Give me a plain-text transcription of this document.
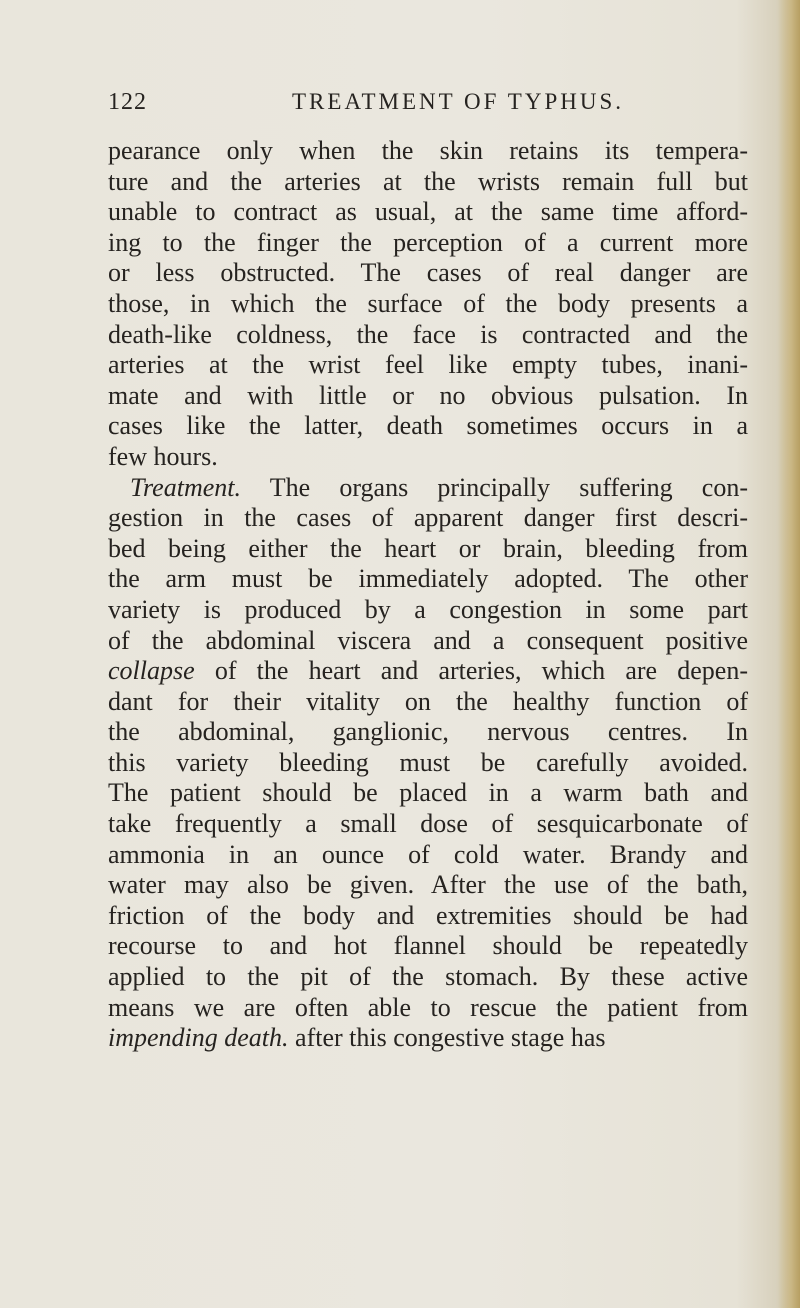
122	TREATMENT OF TYPHUS.
pearance only when the skin retains its tempera-
ture and the arteries at the wrists remain full but
unable to contract as usual, at the same time afford-
ing to the finger the perception of a current more
or less obstructed. The cases of real danger are
those, in which the surface of the body presents a
death-like coldness, the face is contracted and the
arteries at the wrist feel like empty tubes, inani-
mate and with little or no obvious pulsation. In
cases like the latter, death sometimes occurs in a
few hours.
Treatment. The organs principally suffering con-
gestion in the cases of apparent danger first descri-
bed being either the heart or brain, bleeding from
the arm must be immediately adopted. The other
variety is produced by a congestion in some part
of the abdominal viscera and a consequent positive
collapse of the heart and arteries, which are depen-
dant for their vitality on the healthy function of
the abdominal, ganglionic, nervous centres. In
this variety bleeding must be carefully avoided.
The patient should be placed in a warm bath and
take frequently a small dose of sesquicarbonate of
ammonia in an ounce of cold water. Brandy and
water may also be given. After the use of the bath,
friction of the body and extremities should be had
recourse to and hot flannel should be repeatedly
applied to the pit of the stomach. By these active
means we are often able to rescue the patient from
impending death. after this congestive stage has
